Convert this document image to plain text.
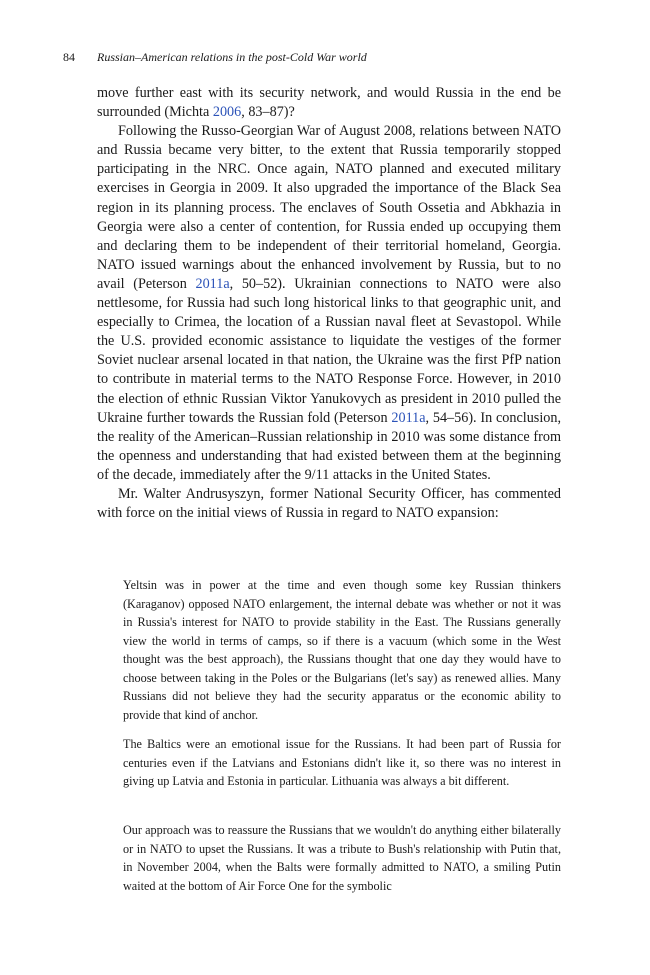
84 Russian–American relations in the post-Cold War world

move further east with its security network, and would Russia in the end be surrounded (Michta 2006, 83–87)?

Following the Russo-Georgian War of August 2008, relations between NATO and Russia became very bitter, to the extent that Russia temporarily stopped participating in the NRC. Once again, NATO planned and executed military exercises in Georgia in 2009. It also upgraded the importance of the Black Sea region in its planning process. The enclaves of South Ossetia and Abkhazia in Georgia were also a center of contention, for Russia ended up occupying them and declaring them to be independent of their territorial homeland, Georgia. NATO issued warnings about the enhanced involvement by Russia, but to no avail (Peterson 2011a, 50–52). Ukrainian connections to NATO were also nettlesome, for Russia had such long historical links to that geographic unit, and especially to Crimea, the location of a Russian naval fleet at Sevastopol. While the U.S. provided economic assistance to liquidate the vestiges of the former Soviet nuclear arsenal located in that nation, the Ukraine was the first PfP nation to contribute in material terms to the NATO Response Force. However, in 2010 the election of ethnic Russian Viktor Yanukovych as president in 2010 pulled the Ukraine further towards the Russian fold (Peterson 2011a, 54–56). In conclusion, the reality of the American–Russian relationship in 2010 was some distance from the openness and understanding that had existed between them at the beginning of the decade, immediately after the 9/11 attacks in the United States.

Mr. Walter Andrusyszyn, former National Security Officer, has commented with force on the initial views of Russia in regard to NATO expansion:

Yeltsin was in power at the time and even though some key Russian thinkers (Karaganov) opposed NATO enlargement, the internal debate was whether or not it was in Russia's interest for NATO to provide stability in the East. The Russians generally view the world in terms of camps, so if there is a vacuum (which some in the West thought was the best approach), the Russians thought that one day they would have to choose between taking in the Poles or the Bulgarians (let's say) as renewed allies. Many Russians did not believe they had the security apparatus or the economic ability to provide that kind of anchor.

The Baltics were an emotional issue for the Russians. It had been part of Russia for centuries even if the Latvians and Estonians didn't like it, so there was no interest in giving up Latvia and Estonia in particular. Lithuania was always a bit different.

Our approach was to reassure the Russians that we wouldn't do anything either bilaterally or in NATO to upset the Russians. It was a tribute to Bush's relationship with Putin that, in November 2004, when the Balts were formally admitted to NATO, a smiling Putin waited at the bottom of Air Force One for the symbolic
